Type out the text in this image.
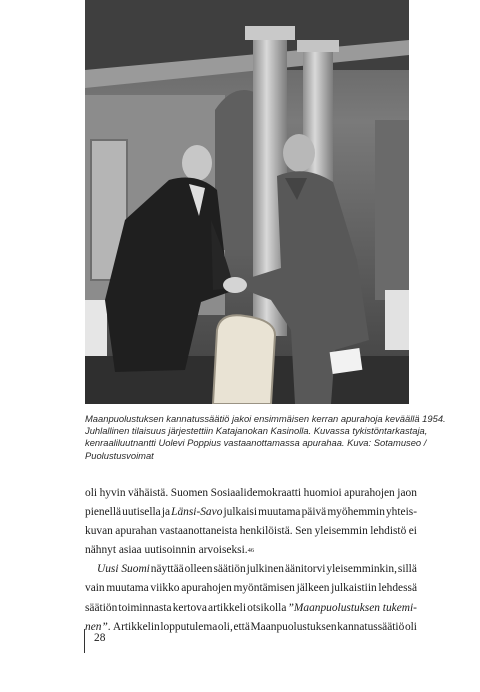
Maanpuolustuksen kannatussäätiö jakoi ensimmäisen kerran apurahoja keväällä 1954.
Juhlallinen tilaisuus järjestettiin Katajanokan Kasinolla. Kuvassa tykistöntarkastaja,
kenraaliluutnantti Uolevi Poppius vastaanottamassa apurahaa. Kuva: Sotamuseo /
Puolustusvoimat
oli hyvin vähäistä. Suomen Sosiaalidemokraatti huomioi apurahojen jaon
pienellä uutisella ja Länsi-Savo julkaisi muutama päivä myöhemmin yhteis-
kuvan apurahan vastaanottaneista henkilöistä. Sen yleisemmin lehdistö ei
nähnyt asiaa uutisoinnin arvoiseksi. 46
Uusi Suomi näyttää olleen säätiön julkinen äänitorvi yleisemminkin, sillä
vain muutama viikko apurahojen myöntämisen jälkeen julkaistiin lehdessä
säätiön toiminnasta kertova artikkeli otsikolla ”Maanpuolustuksen tukemi-
nen”. Artikkelin lopputulema oli, että Maanpuolustuksen kannatussäätiö oli
28
